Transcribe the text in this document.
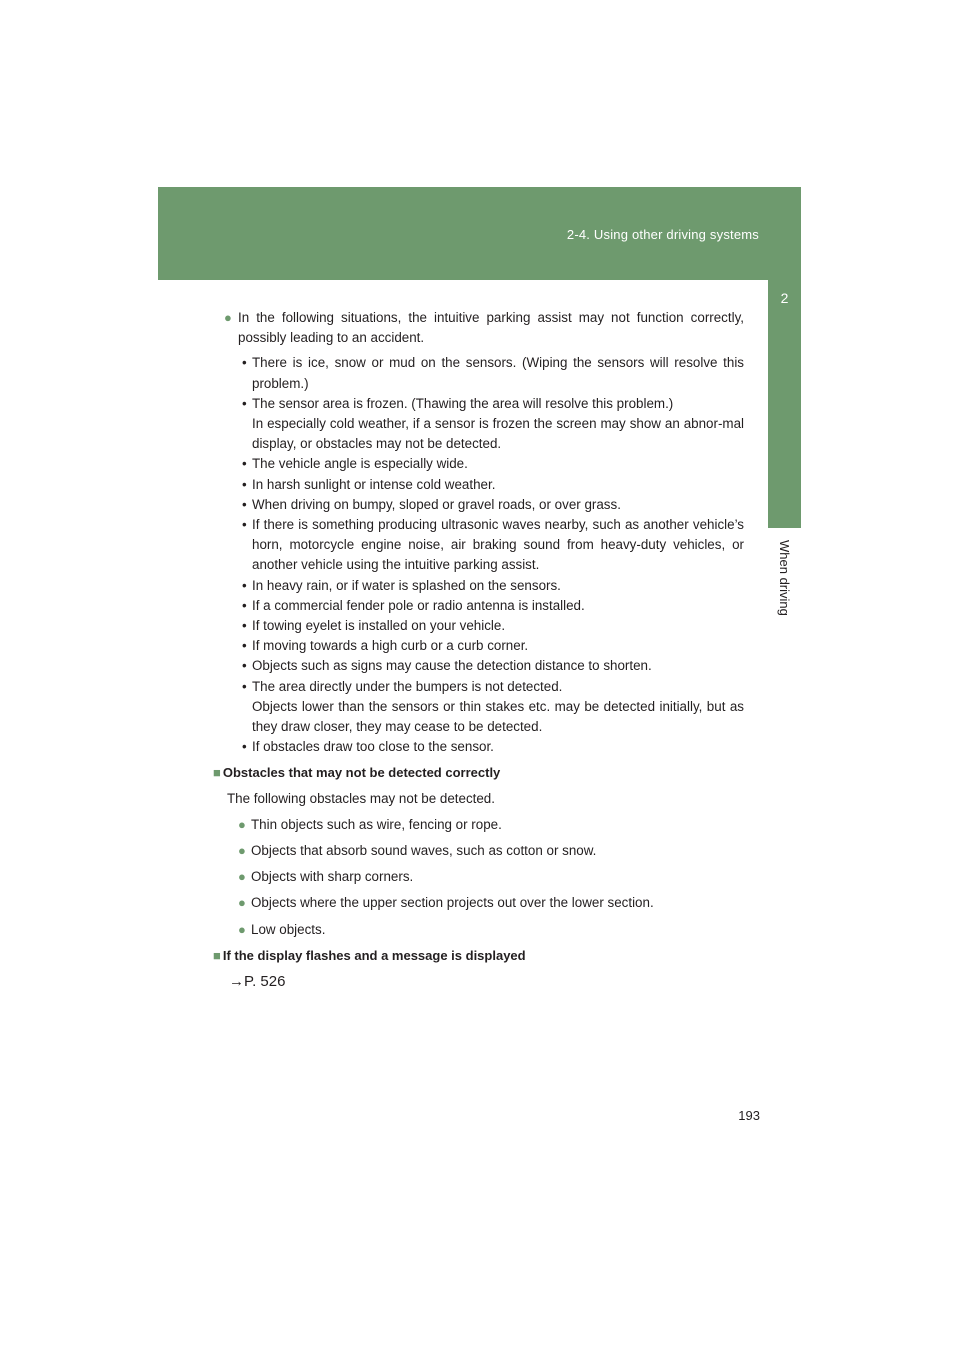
2-4. Using other driving systems
2
When driving
● In the following situations, the intuitive parking assist may not function correctly, possibly leading to an accident.
• There is ice, snow or mud on the sensors. (Wiping the sensors will resolve this problem.)
• The sensor area is frozen. (Thawing the area will resolve this problem.)
In especially cold weather, if a sensor is frozen the screen may show an abnor-mal display, or obstacles may not be detected.
• The vehicle angle is especially wide.
• In harsh sunlight or intense cold weather.
• When driving on bumpy, sloped or gravel roads, or over grass.
• If there is something producing ultrasonic waves nearby, such as another vehicle’s horn, motorcycle engine noise, air braking sound from heavy-duty vehicles, or another vehicle using the intuitive parking assist.
• In heavy rain, or if water is splashed on the sensors.
• If a commercial fender pole or radio antenna is installed.
• If towing eyelet is installed on your vehicle.
• If moving towards a high curb or a curb corner.
• Objects such as signs may cause the detection distance to shorten.
• The area directly under the bumpers is not detected.
Objects lower than the sensors or thin stakes etc. may be detected initially, but as they draw closer, they may cease to be detected.
• If obstacles draw too close to the sensor.
■ Obstacles that may not be detected correctly
The following obstacles may not be detected.
● Thin objects such as wire, fencing or rope.
● Objects that absorb sound waves, such as cotton or snow.
● Objects with sharp corners.
● Objects where the upper section projects out over the lower section.
● Low objects.
■ If the display flashes and a message is displayed
→P. 526
193
